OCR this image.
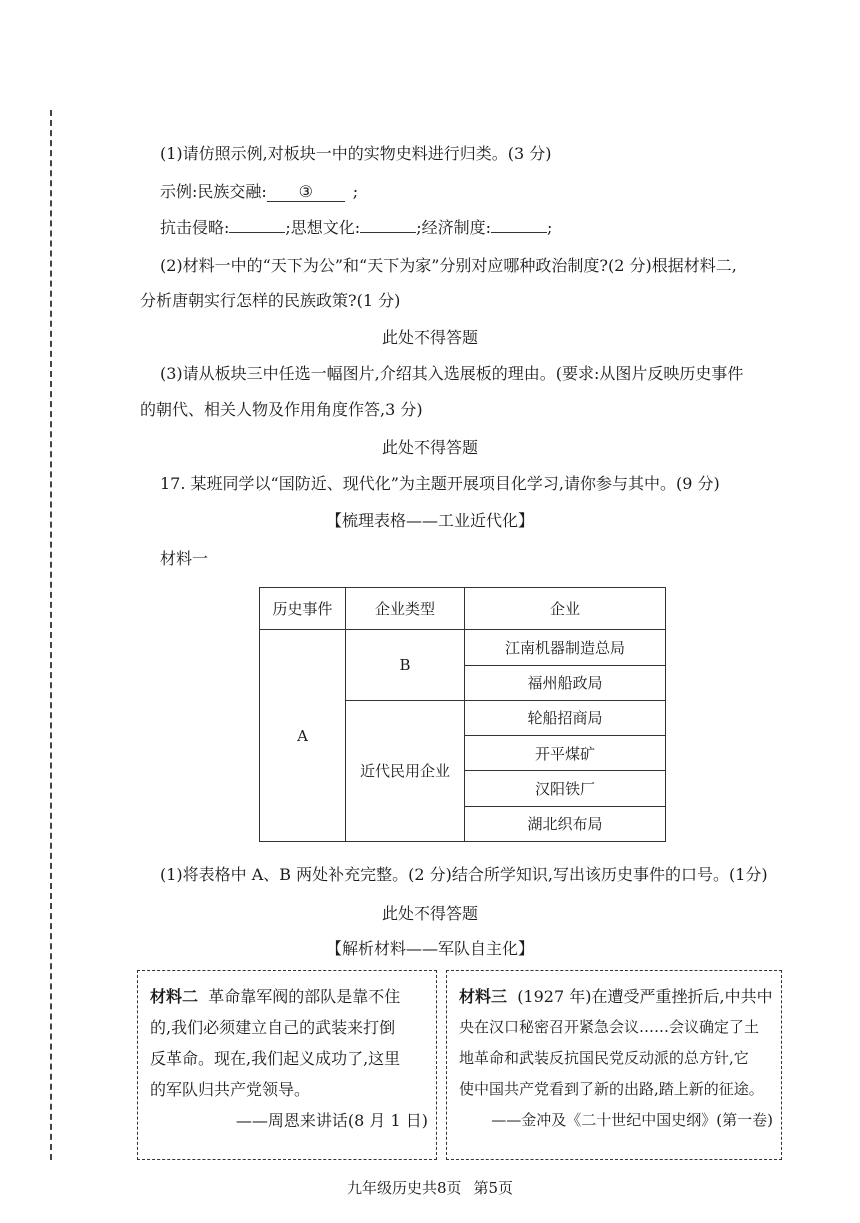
(1)请仿照示例,对板块一中的实物史料进行归类。(3 分)
示例:民族交融: ③ ;
抗击侵略:	;思想文化:	;经济制度:	;
(2)材料一中的“天下为公”和“天下为家”分别对应哪种政治制度?(2 分)根据材料二,
分析唐朝实行怎样的民族政策?(1 分)
此处不得答题
(3)请从板块三中任选一幅图片,介绍其入选展板的理由。(要求:从图片反映历史事件
的朝代、相关人物及作用角度作答,3 分)
此处不得答题
17. 某班同学以“国防近、现代化”为主题开展项目化学习,请你参与其中。(9 分)
【梳理表格——工业近代化】
材料一
历史事件	企业类型	企业
A	B	江南机器制造总局
		福州船政局
	近代民用企业	轮船招商局
		开平煤矿
		汉阳铁厂
		湖北织布局
(1)将表格中 A、B 两处补充完整。(2 分)结合所学知识,写出该历史事件的口号。(1分)
此处不得答题
【解析材料——军队自主化】
材料二 革命靠军阀的部队是靠不住
的,我们必须建立自己的武装来打倒
反革命。现在,我们起义成功了,这里
的军队归共产党领导。
——周恩来讲话(8 月 1 日)
材料三 (1927 年)在遭受严重挫折后,中共中
央在汉口秘密召开紧急会议……会议确定了土
地革命和武装反抗国民党反动派的总方针,它
使中国共产党看到了新的出路,踏上新的征途。
——金冲及《二十世纪中国史纲》(第一卷)
九年级历史共8页 第5页
